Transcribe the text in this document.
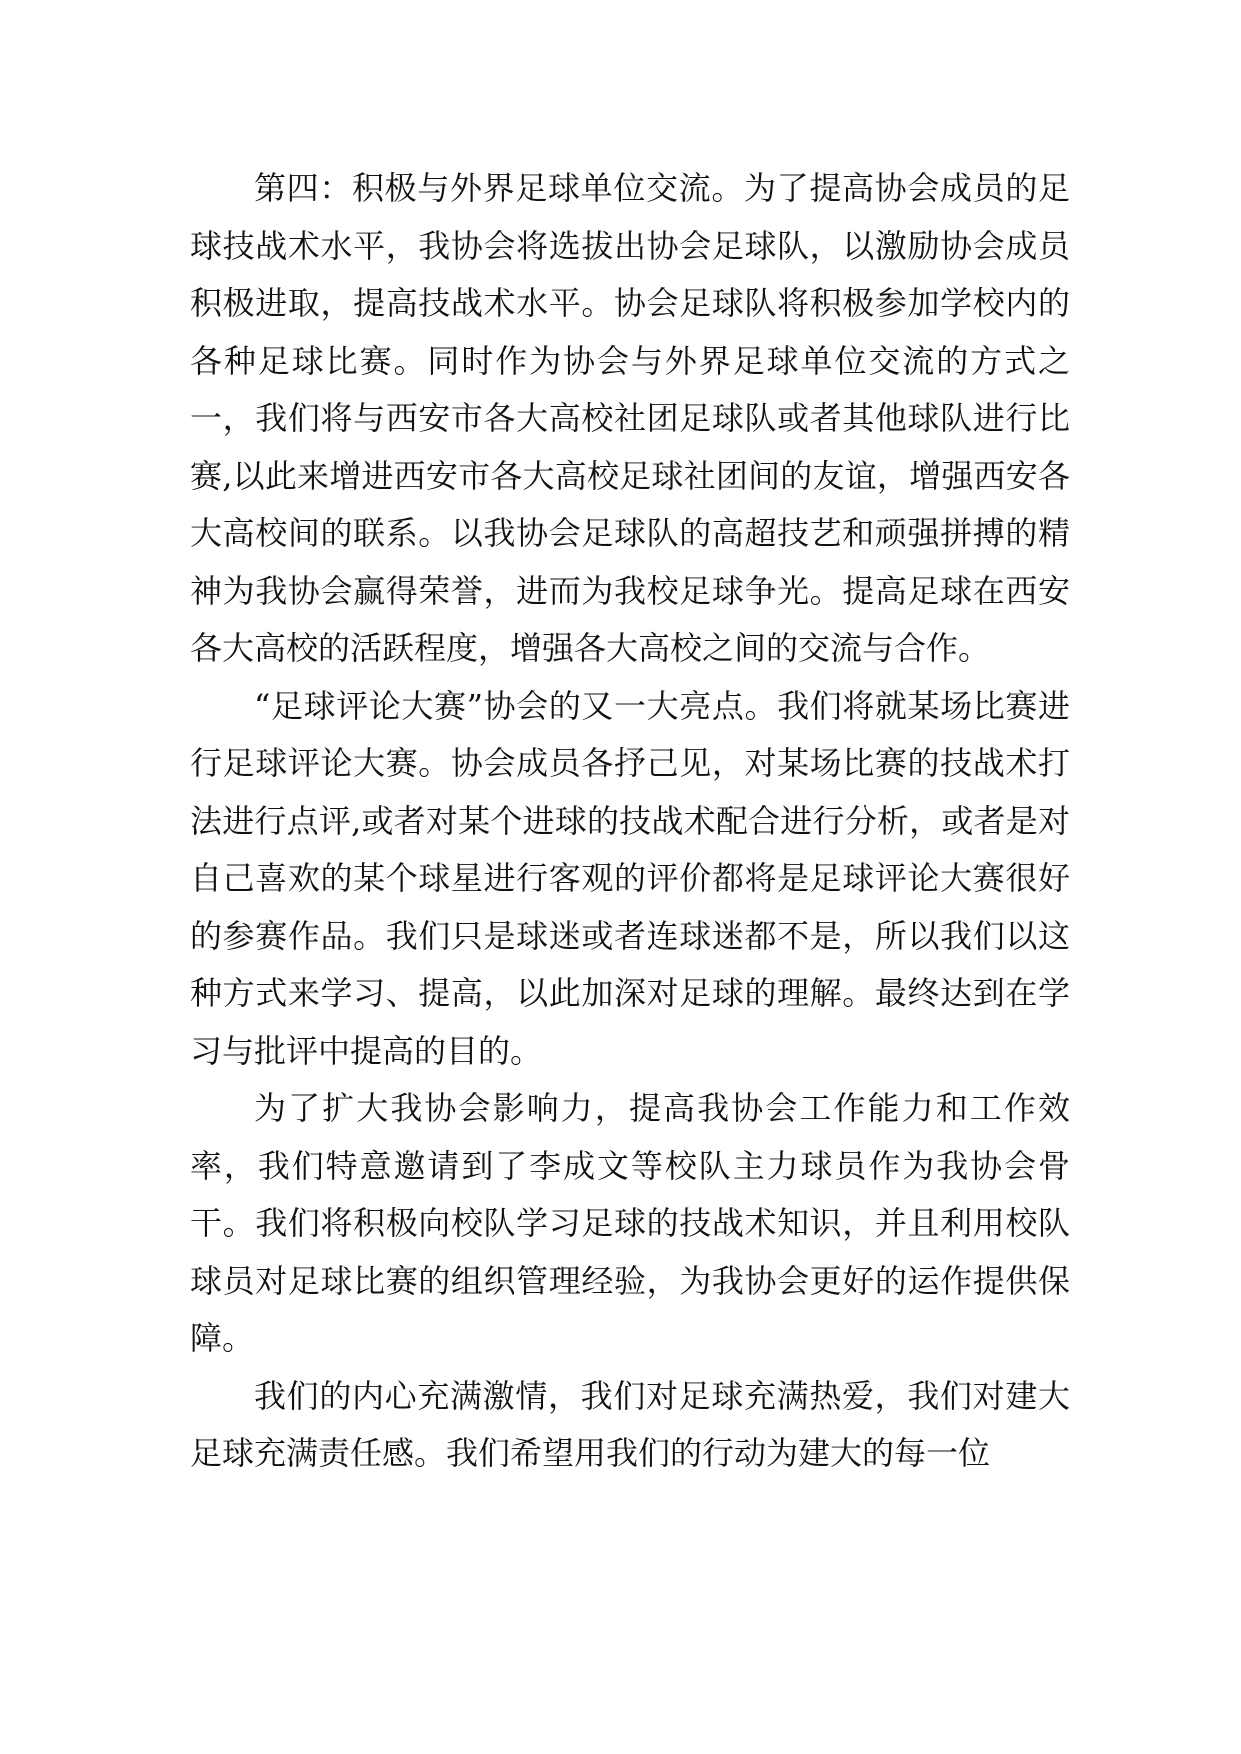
第四：积极与外界足球单位交流。为了提高协会成员的足球技战术水平，我协会将选拔出协会足球队，以激励协会成员积极进取，提高技战术水平。协会足球队将积极参加学校内的各种足球比赛。同时作为协会与外界足球单位交流的方式之一，我们将与西安市各大高校社团足球队或者其他球队进行比赛,以此来增进西安市各大高校足球社团间的友谊，增强西安各大高校间的联系。以我协会足球队的高超技艺和顽强拼搏的精神为我协会赢得荣誉，进而为我校足球争光。提高足球在西安各大高校的活跃程度，增强各大高校之间的交流与合作。

“足球评论大赛”协会的又一大亮点。我们将就某场比赛进行足球评论大赛。协会成员各抒己见，对某场比赛的技战术打法进行点评,或者对某个进球的技战术配合进行分析，或者是对自己喜欢的某个球星进行客观的评价都将是足球评论大赛很好的参赛作品。我们只是球迷或者连球迷都不是，所以我们以这种方式来学习、提高，以此加深对足球的理解。最终达到在学习与批评中提高的目的。

为了扩大我协会影响力，提高我协会工作能力和工作效率，我们特意邀请到了李成文等校队主力球员作为我协会骨干。我们将积极向校队学习足球的技战术知识，并且利用校队球员对足球比赛的组织管理经验，为我协会更好的运作提供保障。

我们的内心充满激情，我们对足球充满热爱，我们对建大足球充满责任感。我们希望用我们的行动为建大的每一位
